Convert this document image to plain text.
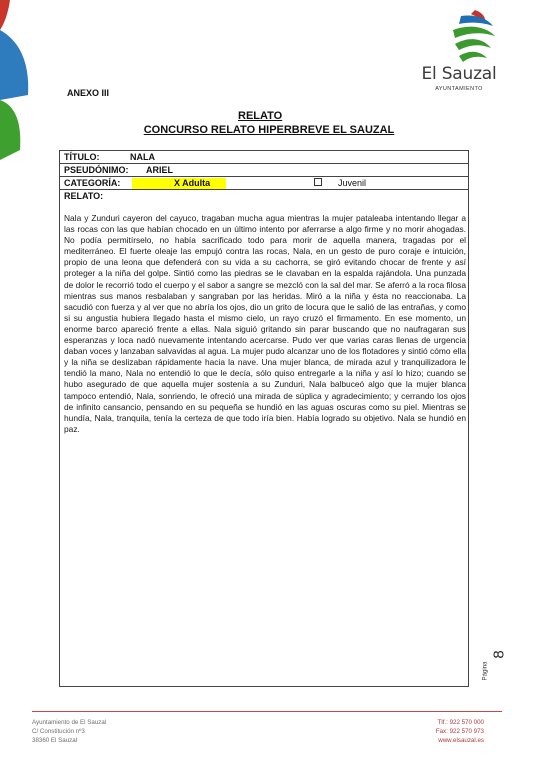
El Sauzal
AYUNTAMIENTO
ANEXO III
RELATO
CONCURSO RELATO HIPERBREVE EL SAUZAL
TÍTULO:	NALA
PSEUDÓNIMO: ARIEL
CATEGORÍA:	X Adulta	Juvenil
RELATO:

Nala y Zunduri cayeron del cayuco, tragaban mucha agua mientras la mujer pataleaba intentando llegar a las rocas con las que habían chocado en un último intento por aferrarse a algo firme y no morir ahogadas. No podía permitírselo, no había sacrificado todo para morir de aquella manera, tragadas por el mediterráneo. El fuerte oleaje las empujó contra las rocas, Nala, en un gesto de puro coraje e intuición, propio de una leona que defenderá con su vida a su cachorra, se giró evitando chocar de frente y así proteger a la niña del golpe. Sintió como las piedras se le clavaban en la espalda rajándola. Una punzada de dolor le recorrió todo el cuerpo y el sabor a sangre se mezcló con la sal del mar. Se aferró a la roca filosa mientras sus manos resbalaban y sangraban por las heridas. Miró a la niña y ésta no reaccionaba. La sacudió con fuerza y al ver que no abría los ojos, dio un grito de locura que le salió de las entrañas, y como si su angustia hubiera llegado hasta el mismo cielo, un rayo cruzó el firmamento. En ese momento, un enorme barco apareció frente a ellas. Nala siguió gritando sin parar buscando que no naufragaran sus esperanzas y loca nadó nuevamente intentando acercarse. Pudo ver que varias caras llenas de urgencia daban voces y lanzaban salvavidas al agua. La mujer pudo alcanzar uno de los flotadores y sintió cómo ella y la niña se deslizaban rápidamente hacia la nave. Una mujer blanca, de mirada azul y tranquilizadora le tendió la mano, Nala no entendió lo que le decía, sólo quiso entregarle a la niña y así lo hizo; cuando se hubo asegurado de que aquella mujer sostenía a su Zunduri, Nala balbuceó algo que la mujer blanca tampoco entendió, Nala, sonriendo, le ofreció una mirada de súplica y agradecimiento; y cerrando los ojos de infinito cansancio, pensando en su pequeña se hundió en las aguas oscuras como su piel. Mientras se hundía, Nala, tranquila, tenía la certeza de que todo iría bien. Había logrado su objetivo. Nala se hundió en paz.

Página
8
Ayuntamiento de El Sauzal
C/ Constitución nº3
38360 El Sauzal
Tlf.: 922 570 000
Fax: 922 570 973
www.elsauzal.es
